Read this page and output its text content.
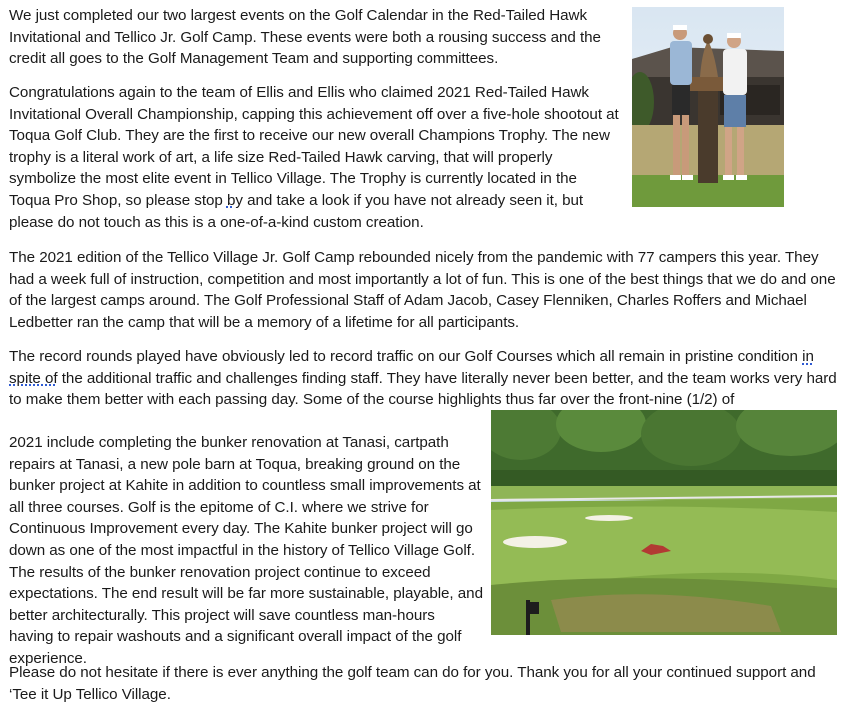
We just completed our two largest events on the Golf Calendar in the Red-Tailed Hawk Invitational and Tellico Jr. Golf Camp. These events were both a rousing success and the credit all goes to the Golf Management Team and supporting committees.

Congratulations again to the team of Ellis and Ellis who claimed 2021 Red-Tailed Hawk Invitational Overall Championship, capping this achievement off over a five-hole shootout at Toqua Golf Club. They are the first to receive our new overall Champions Trophy. The new trophy is a literal work of art, a life size Red-Tailed Hawk carving, that will properly symbolize the most elite event in Tellico Village. The Trophy is currently located in the Toqua Pro Shop, so please stop by and take a look if you have not already seen it, but please do not touch as this is a one-of-a-kind custom creation.

The 2021 edition of the Tellico Village Jr. Golf Camp rebounded nicely from the pandemic with 77 campers this year. They had a week full of instruction, competition and most importantly a lot of fun. This is one of the best things that we do and one of the largest camps around. The Golf Professional Staff of Adam Jacob, Casey Flenniken, Charles Roffers and Michael Ledbetter ran the camp that will be a memory of a lifetime for all participants.

The record rounds played have obviously led to record traffic on our Golf Courses which all remain in pristine condition in spite of the additional traffic and challenges finding staff. They have literally never been better, and the team works very hard to make them better with each passing day. Some of the course highlights thus far over the front-nine (1/2) of

2021 include completing the bunker renovation at Tanasi, cartpath repairs at Tanasi, a new pole barn at Toqua, breaking ground on the bunker project at Kahite in addition to countless small improvements at all three courses. Golf is the epitome of C.I. where we strive for Continuous Improvement every day. The Kahite bunker project will go down as one of the most impactful in the history of Tellico Village Golf. The results of the bunker renovation project continue to exceed expectations. The end result will be far more sustainable, playable, and better architecturally. This project will save countless man-hours having to repair washouts and a significant overall impact of the golf experience.

Please do not hesitate if there is ever anything the golf team can do for you. Thank you for all your continued support and ‘Tee it Up Tellico Village.
